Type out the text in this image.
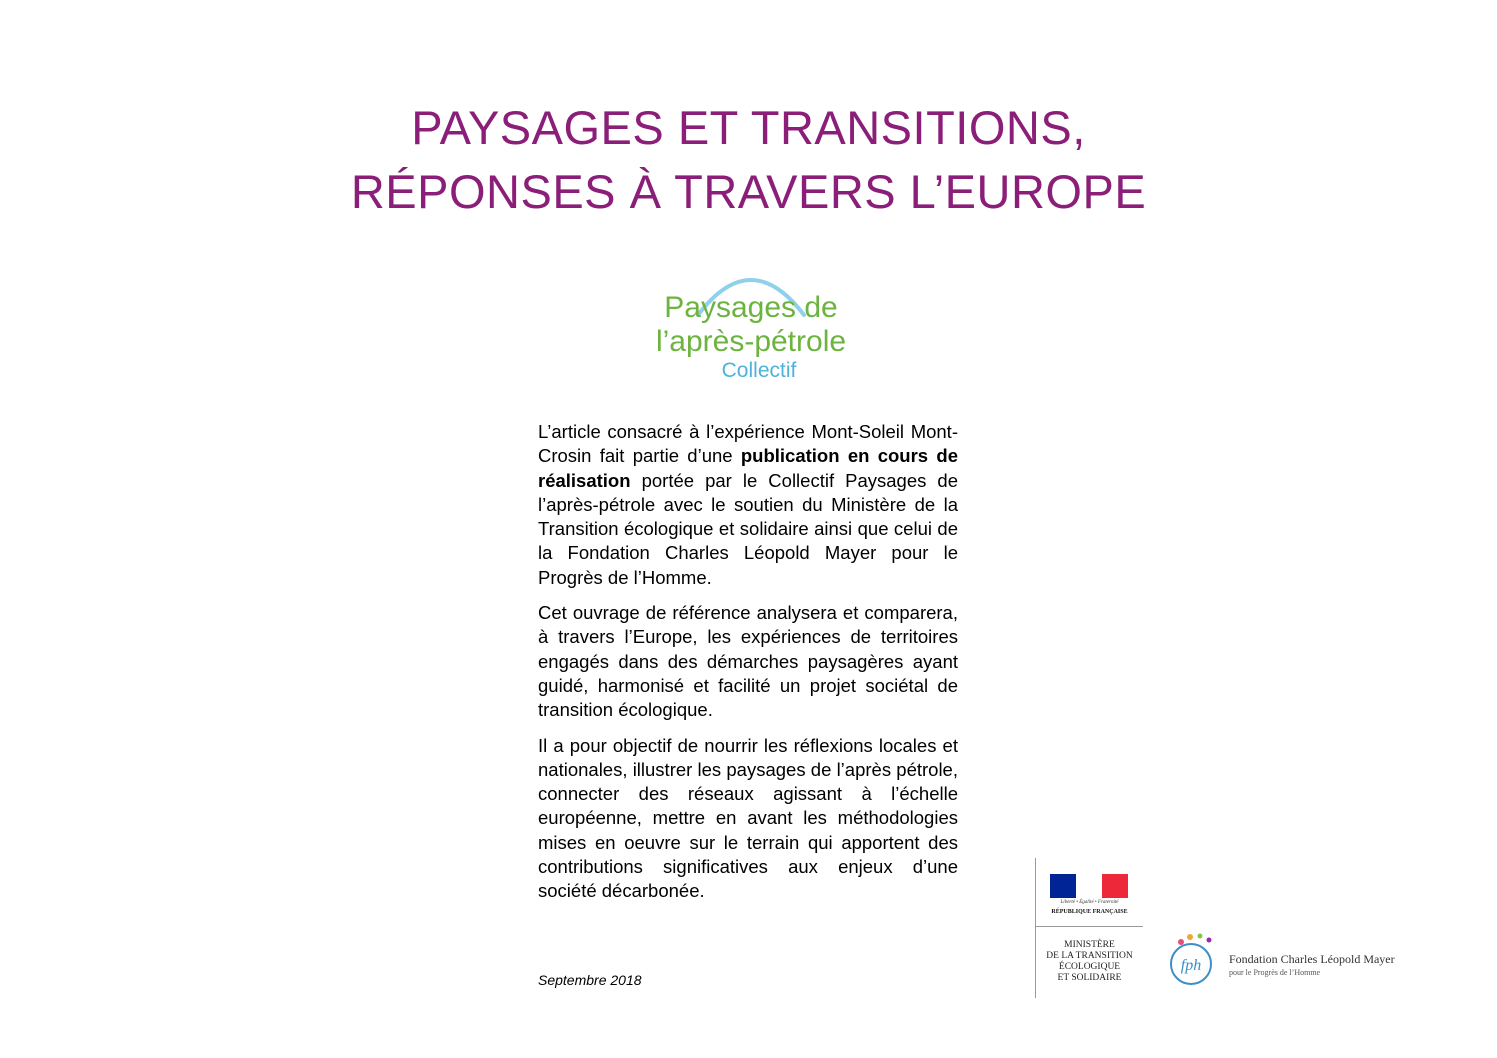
PAYSAGES ET TRANSITIONS,
RÉPONSES À TRAVERS L’EUROPE
Paysages de
l’après-pétrole
Collectif

L’article consacré à l’expérience Mont-Soleil Mont-Crosin fait partie d’une publication en cours de réalisation portée par le Collectif Paysages de l’après-pétrole avec le soutien du Ministère de la Transition écologique et solidaire ainsi que celui de la Fondation Charles Léopold Mayer pour le Progrès de l’Homme.

Cet ouvrage de référence analysera et comparera, à travers l’Europe, les expériences de territoires engagés dans des démarches paysagères ayant guidé, harmonisé et facilité un projet sociétal de transition écologique.

Il a pour objectif de nourrir les réflexions locales et nationales, illustrer les paysages de l’après pétrole, connecter des réseaux agissant à l’échelle européenne, mettre en avant les méthodologies mises en oeuvre sur le terrain qui apportent des contributions significatives aux enjeux d’une société décarbonée.

Septembre 2018
Liberté • Égalité • Fraternité
RÉPUBLIQUE FRANÇAISE
MINISTÈRE
DE LA TRANSITION
ÉCOLOGIQUE
ET SOLIDAIRE
fph Fondation Charles Léopold Mayer
pour le Progrès de l’Homme
